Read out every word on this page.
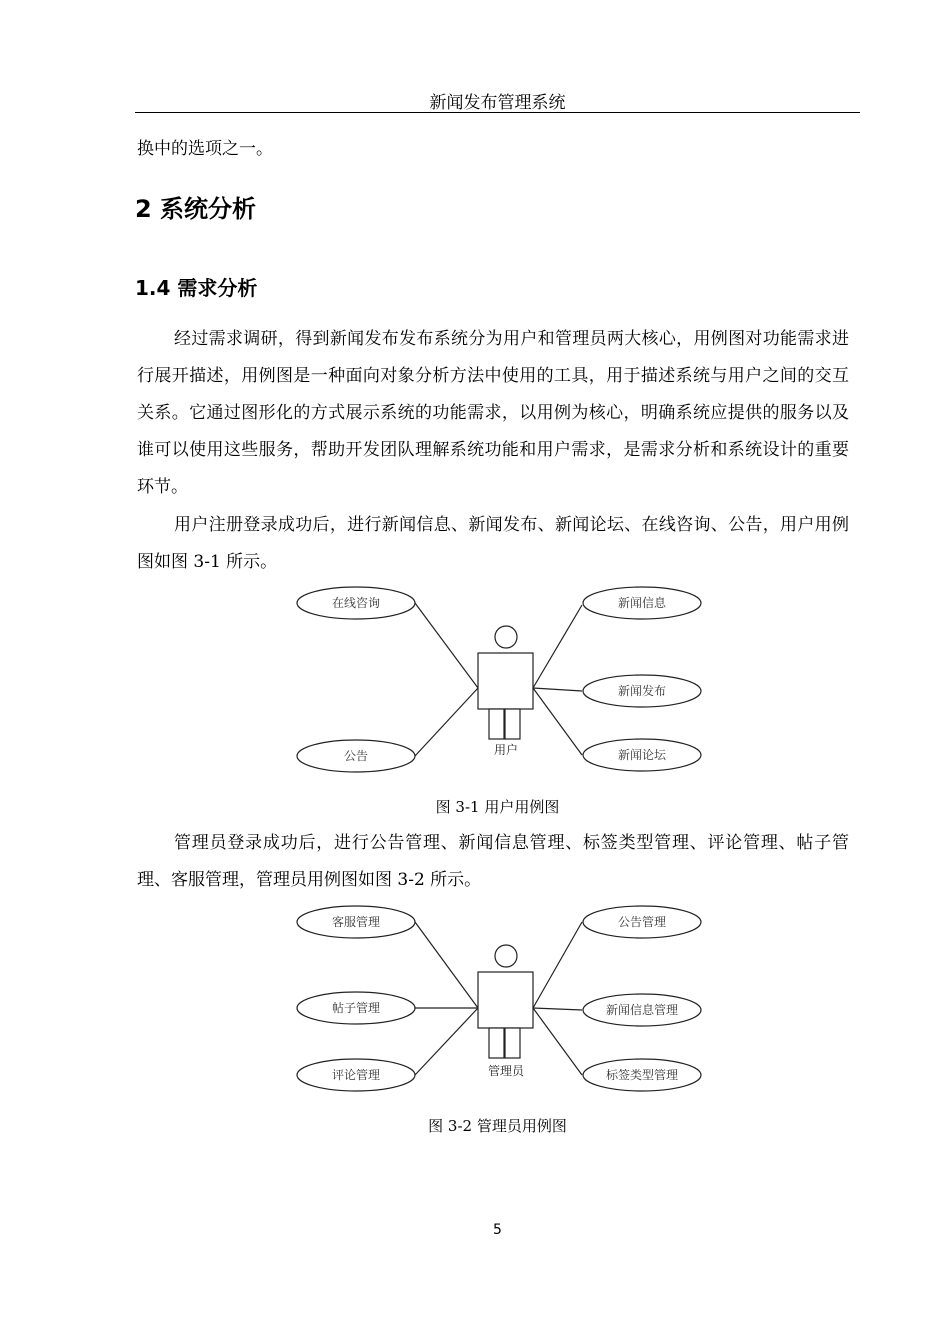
新闻发布管理系统
换中的选项之一。
2 系统分析
1.4 需求分析

经过需求调研，得到新闻发布发布系统分为用户和管理员两大核心，用例图对功能需求进行展开描述，用例图是一种面向对象分析方法中使用的工具，用于描述系统与用户之间的交互关系。它通过图形化的方式展示系统的功能需求，以用例为核心，明确系统应提供的服务以及谁可以使用这些服务，帮助开发团队理解系统功能和用户需求，是需求分析和系统设计的重要环节。

用户注册登录成功后，进行新闻信息、新闻发布、新闻论坛、在线咨询、公告，用户用例图如图 3-1 所示。

用户
在线咨询
公告
新闻信息
新闻发布
新闻论坛
图 3-1 用户用例图

管理员登录成功后，进行公告管理、新闻信息管理、标签类型管理、评论管理、帖子管理、客服管理，管理员用例图如图 3-2 所示。

管理员
客服管理
帖子管理
评论管理
公告管理
新闻信息管理
标签类型管理
图 3-2 管理员用例图
5
